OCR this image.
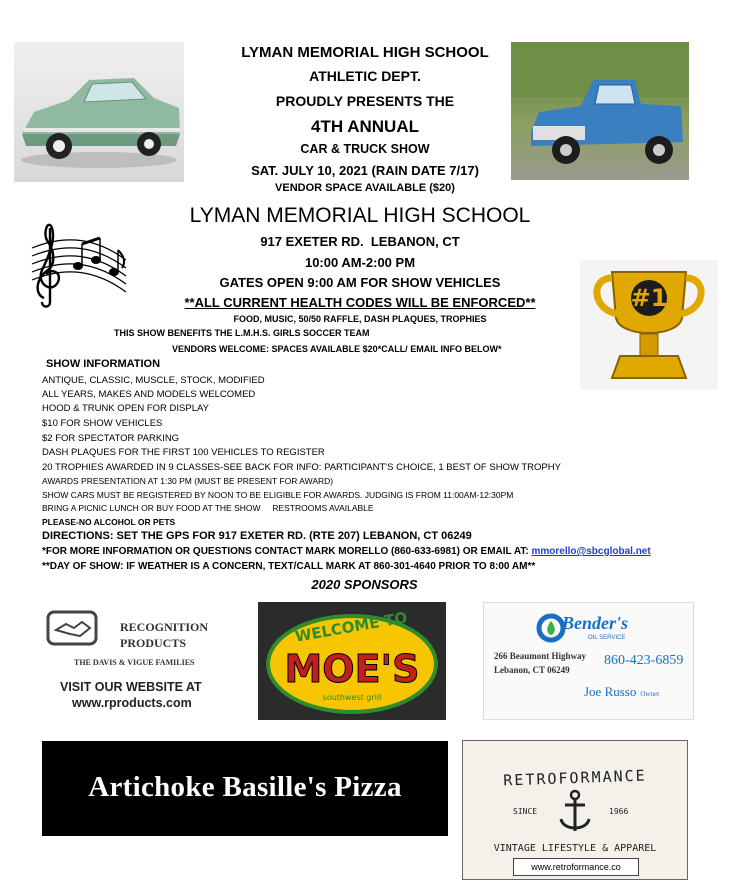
LYMAN MEMORIAL HIGH SCHOOL
ATHLETIC DEPT.
PROUDLY PRESENTS THE
4TH ANNUAL
CAR & TRUCK SHOW
SAT. JULY 10, 2021 (RAIN DATE 7/17)
VENDOR SPACE AVAILABLE ($20)
#1
LYMAN MEMORIAL HIGH SCHOOL
917 EXETER RD.  LEBANON, CT
10:00 AM-2:00 PM
GATES OPEN 9:00 AM FOR SHOW VEHICLES
**ALL CURRENT HEALTH CODES WILL BE ENFORCED**
FOOD, MUSIC, 50/50 RAFFLE, DASH PLAQUES, TROPHIES
THIS SHOW BENEFITS THE L.M.H.S. GIRLS SOCCER TEAM
VENDORS WELCOME: SPACES AVAILABLE $20*CALL/ EMAIL INFO BELOW*
SHOW INFORMATION
ANTIQUE, CLASSIC, MUSCLE, STOCK, MODIFIED
ALL YEARS, MAKES AND MODELS WELCOMED
HOOD & TRUNK OPEN FOR DISPLAY
$10 FOR SHOW VEHICLES
$2 FOR SPECTATOR PARKING
DASH PLAQUES FOR THE FIRST 100 VEHICLES TO REGISTER
20 TROPHIES AWARDED IN 9 CLASSES-SEE BACK FOR INFO: PARTICIPANT'S CHOICE, 1 BEST OF SHOW TROPHY
AWARDS PRESENTATION AT 1:30 PM (MUST BE PRESENT FOR AWARD)
SHOW CARS MUST BE REGISTERED BY NOON TO BE ELIGIBLE FOR AWARDS. JUDGING IS FROM 11:00AM-12:30PM
BRING A PICNIC LUNCH OR BUY FOOD AT THE SHOW     RESTROOMS AVAILABLE
PLEASE-NO ALCOHOL OR PETS
DIRECTIONS: SET THE GPS FOR 917 EXETER RD. (RTE 207) LEBANON, CT 06249
*FOR MORE INFORMATION OR QUESTIONS CONTACT MARK MORELLO (860-633-6981) OR EMAIL AT: mmorello@sbcglobal.net
**DAY OF SHOW: IF WEATHER IS A CONCERN, TEXT/CALL MARK AT 860-301-4640 PRIOR TO 8:00 AM**
2020 SPONSORS
RECOGNITION
PRODUCTS
THE DAVIS & VIGUE FAMILIES
VISIT OUR WEBSITE AT
www.rproducts.com
WELCOME TO
MOE'S
southwest grill
Bender's
OIL SERVICE
266 Beaumont Highway
Lebanon, CT 06249
860-423-6859
Joe Russo Owner
Artichoke Basille's Pizza	RETROFORMANCE
SINCE	1966
VINTAGE LIFESTYLE & APPAREL
www.retroformance.co
